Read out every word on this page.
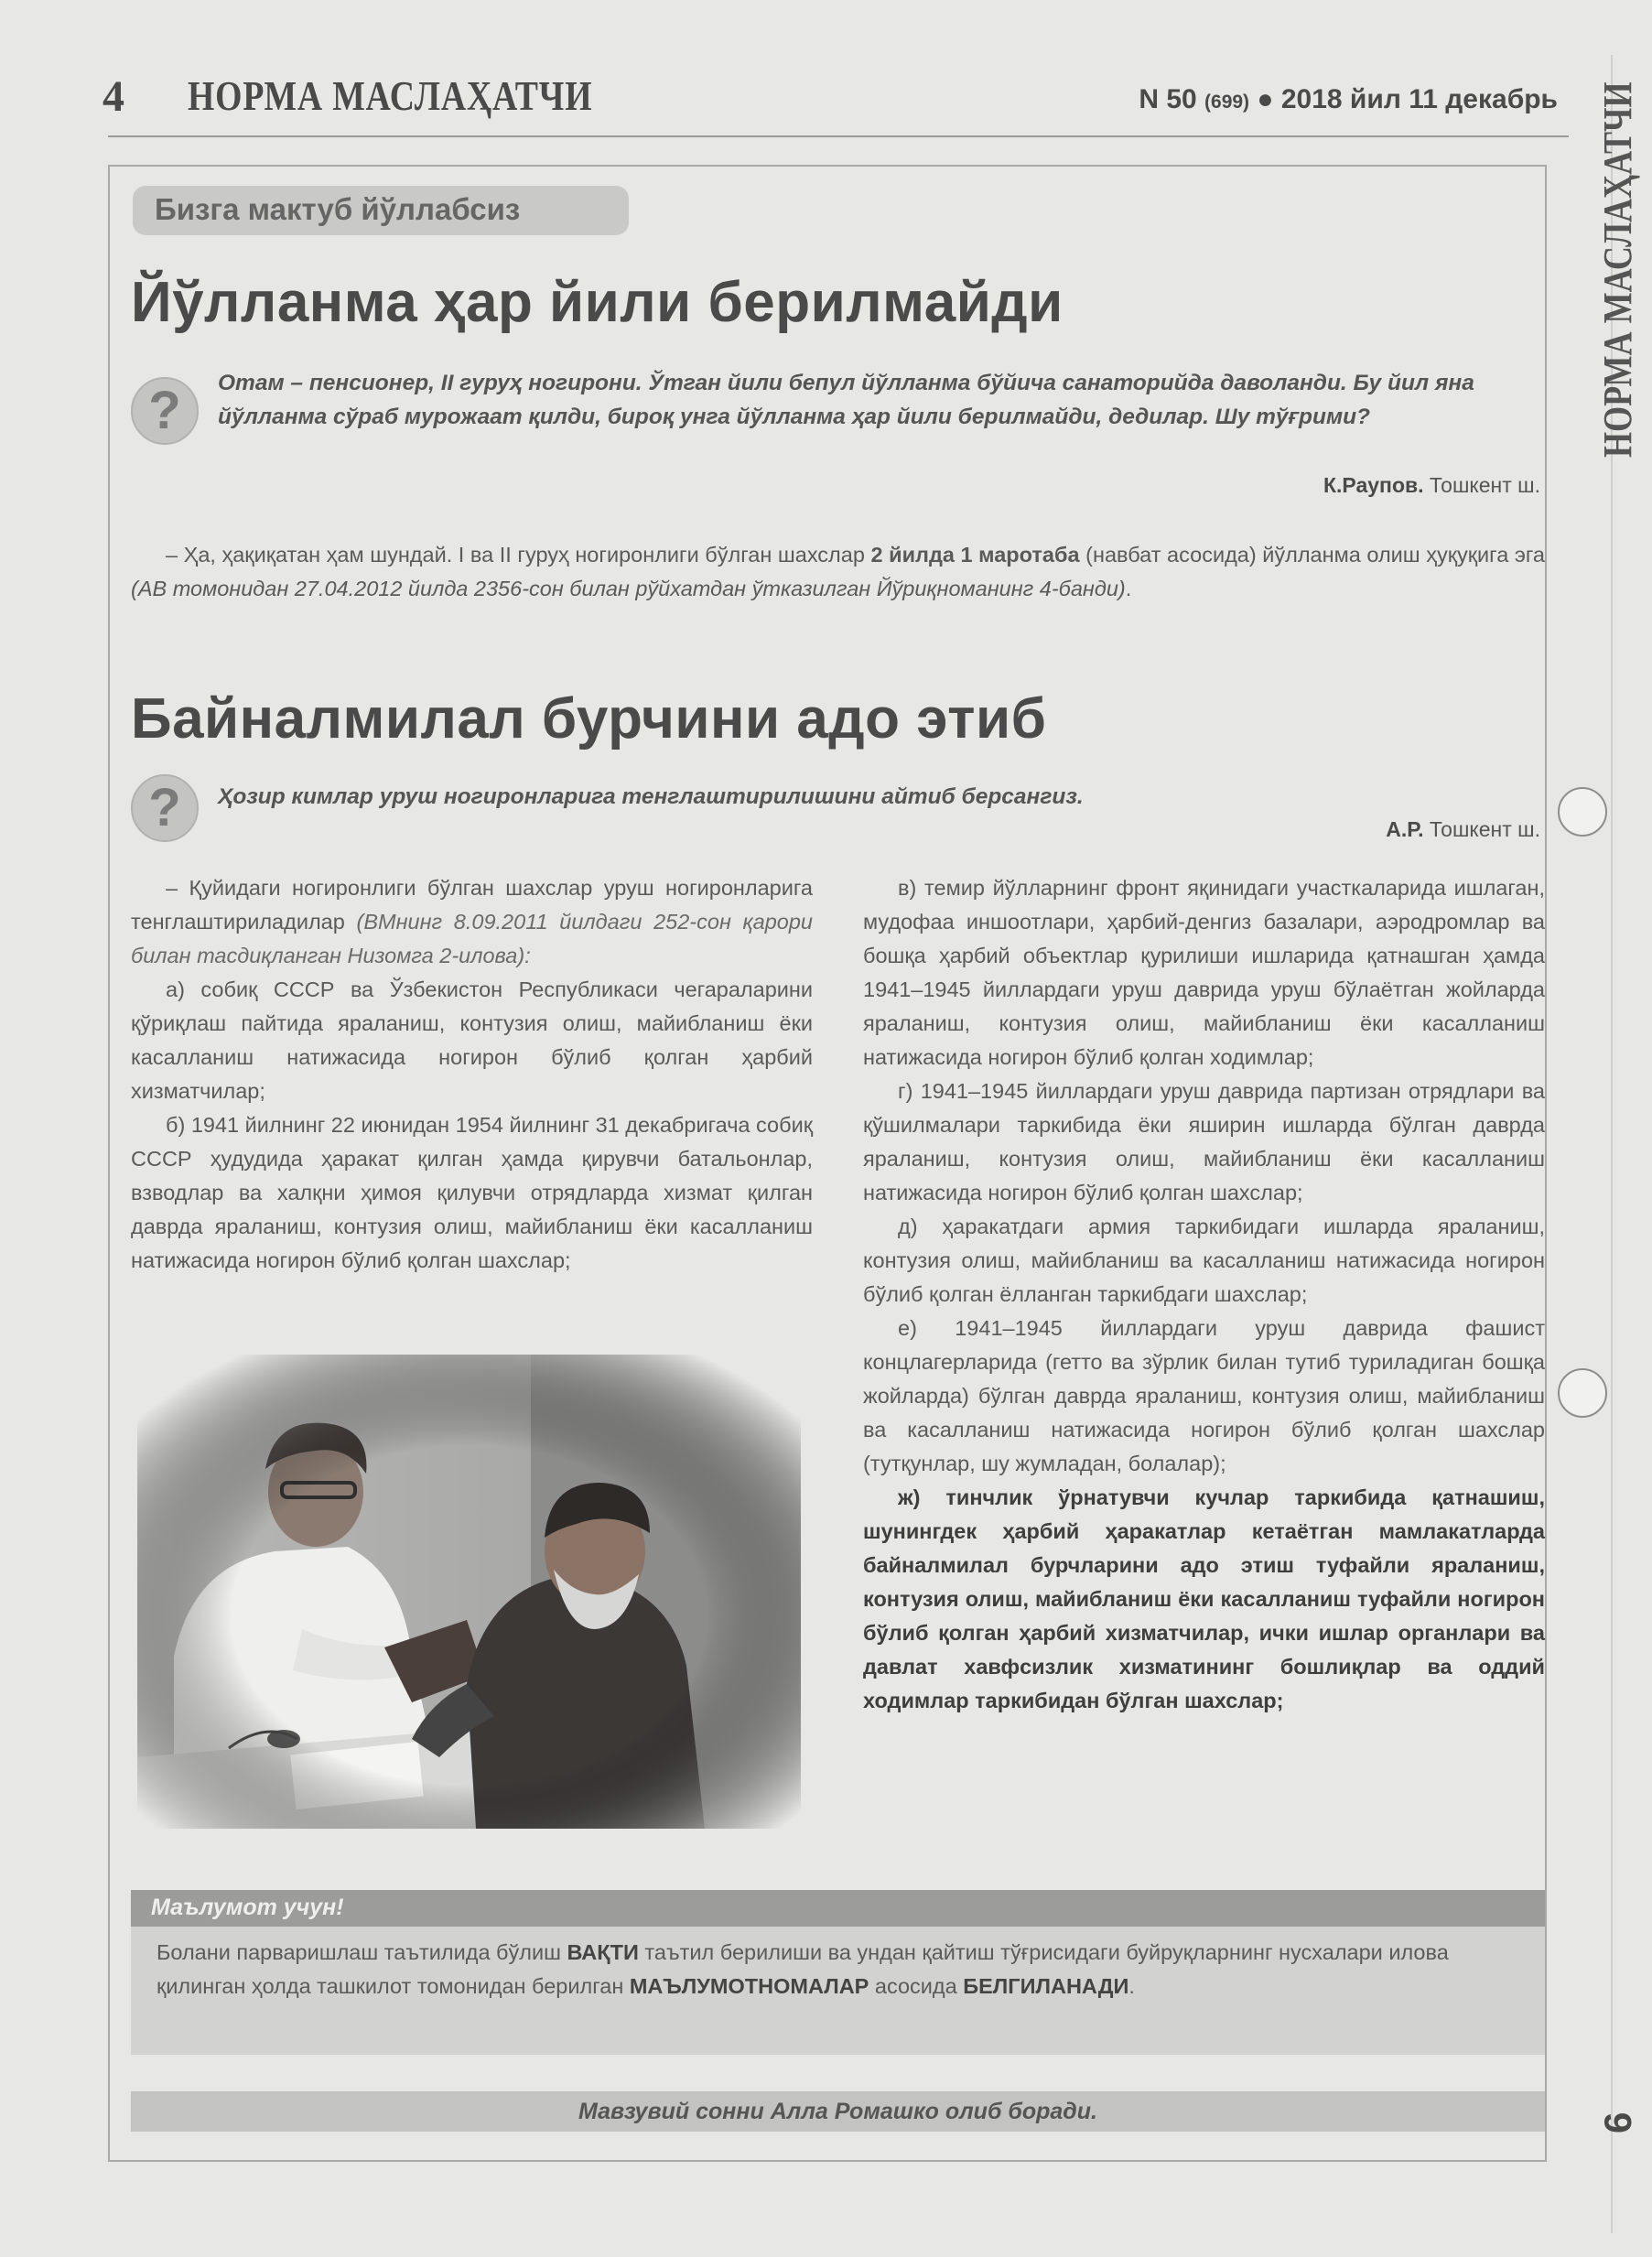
4 НОРМА МАСЛАҲАТЧИ	N 50 (699) ● 2018 йил 11 декабрь НОРМА МАСЛАҲАТЧИ
6
Бизга мактуб йўллабсиз
Йўлланма ҳар йили берилмайди
?	Отам – пенсионер, II гуруҳ ногирони. Ўтган йили бепул йўлланма бўйича санаторийда даволанди. Бу йил яна йўлланма сўраб мурожаат қилди, бироқ унга йўлланма ҳар йили берилмайди, дедилар. Шу тўғрими?
К.Раупов. Тошкент ш.
– Ҳа, ҳақиқатан ҳам шундай. I ва II гуруҳ ногиронлиги бўлган шахслар 2 йилда 1 маротаба (навбат асосида) йўлланма олиш ҳуқуқига эга (АВ томонидан 27.04.2012 йилда 2356-сон билан рўйхатдан ўтказилган Йўриқноманинг 4-банди).
Байналмилал бурчини адо этиб
?	Ҳозир кимлар уруш ногиронларига тенглаштирилишини айтиб берсангиз.
А.Р. Тошкент ш.

– Қуйидаги ногиронлиги бўлган шахслар уруш ногиронларига тенглаштириладилар (ВМнинг 8.09.2011 йилдаги 252-сон қарори билан тасдиқланган Низомга 2-илова):

а) собиқ СССР ва Ўзбекистон Республикаси чегараларини қўриқлаш пайтида яраланиш, контузия олиш, майибланиш ёки касалланиш натижасида ногирон бўлиб қолган ҳарбий хизматчилар;

б) 1941 йилнинг 22 июнидан 1954 йилнинг 31 декабригача собиқ СССР ҳудудида ҳаракат қилган ҳамда қирувчи батальонлар, взводлар ва халқни ҳимоя қилувчи отрядларда хизмат қилган даврда яраланиш, контузия олиш, майибланиш ёки касалланиш натижасида ногирон бўлиб қолган шахслар;

в) темир йўлларнинг фронт яқинидаги участкаларида ишлаган, мудофаа иншоотлари, ҳарбий-денгиз базалари, аэродромлар ва бошқа ҳарбий объектлар қурилиши ишларида қатнашган ҳамда 1941–1945 йиллардаги уруш даврида уруш бўлаётган жойларда яраланиш, контузия олиш, майибланиш ёки касалланиш натижасида ногирон бўлиб қолган ходимлар;

г) 1941–1945 йиллардаги уруш даврида партизан отрядлари ва қўшилмалари таркибида ёки яширин ишларда бўлган даврда яраланиш, контузия олиш, майибланиш ёки касалланиш натижасида ногирон бўлиб қолган шахслар;

д) ҳаракатдаги армия таркибидаги ишларда яраланиш, контузия олиш, майибланиш ва касалланиш натижасида ногирон бўлиб қолган ёлланган таркибдаги шахслар;

е) 1941–1945 йиллардаги уруш даврида фашист концлагерларида (гетто ва зўрлик билан тутиб туриладиган бошқа жойларда) бўлган даврда яраланиш, контузия олиш, майибланиш ва касалланиш натижасида ногирон бўлиб қолган шахслар (тутқунлар, шу жумладан, болалар);

ж) тинчлик ўрнатувчи кучлар таркибида қатнашиш, шунингдек ҳарбий ҳаракатлар кетаётган мамлакатларда байналмилал бурчларини адо этиш туфайли яраланиш, контузия олиш, майибланиш ёки касалланиш туфайли ногирон бўлиб қолган ҳарбий хизматчилар, ички ишлар органлари ва давлат хавфсизлик хизматининг бошлиқлар ва оддий ходимлар таркибидан бўлган шахслар;

Маълумот учун!
Болани парваришлаш таътилида бўлиш ВАҚТИ таътил берилиши ва ундан қайтиш тўғрисидаги буйруқларнинг нусхалари илова қилинган ҳолда ташкилот томонидан берилган МАЪЛУМОТНОМАЛАР асосида БЕЛГИЛАНАДИ.
Мавзувий сонни Алла Ромашко олиб боради.
